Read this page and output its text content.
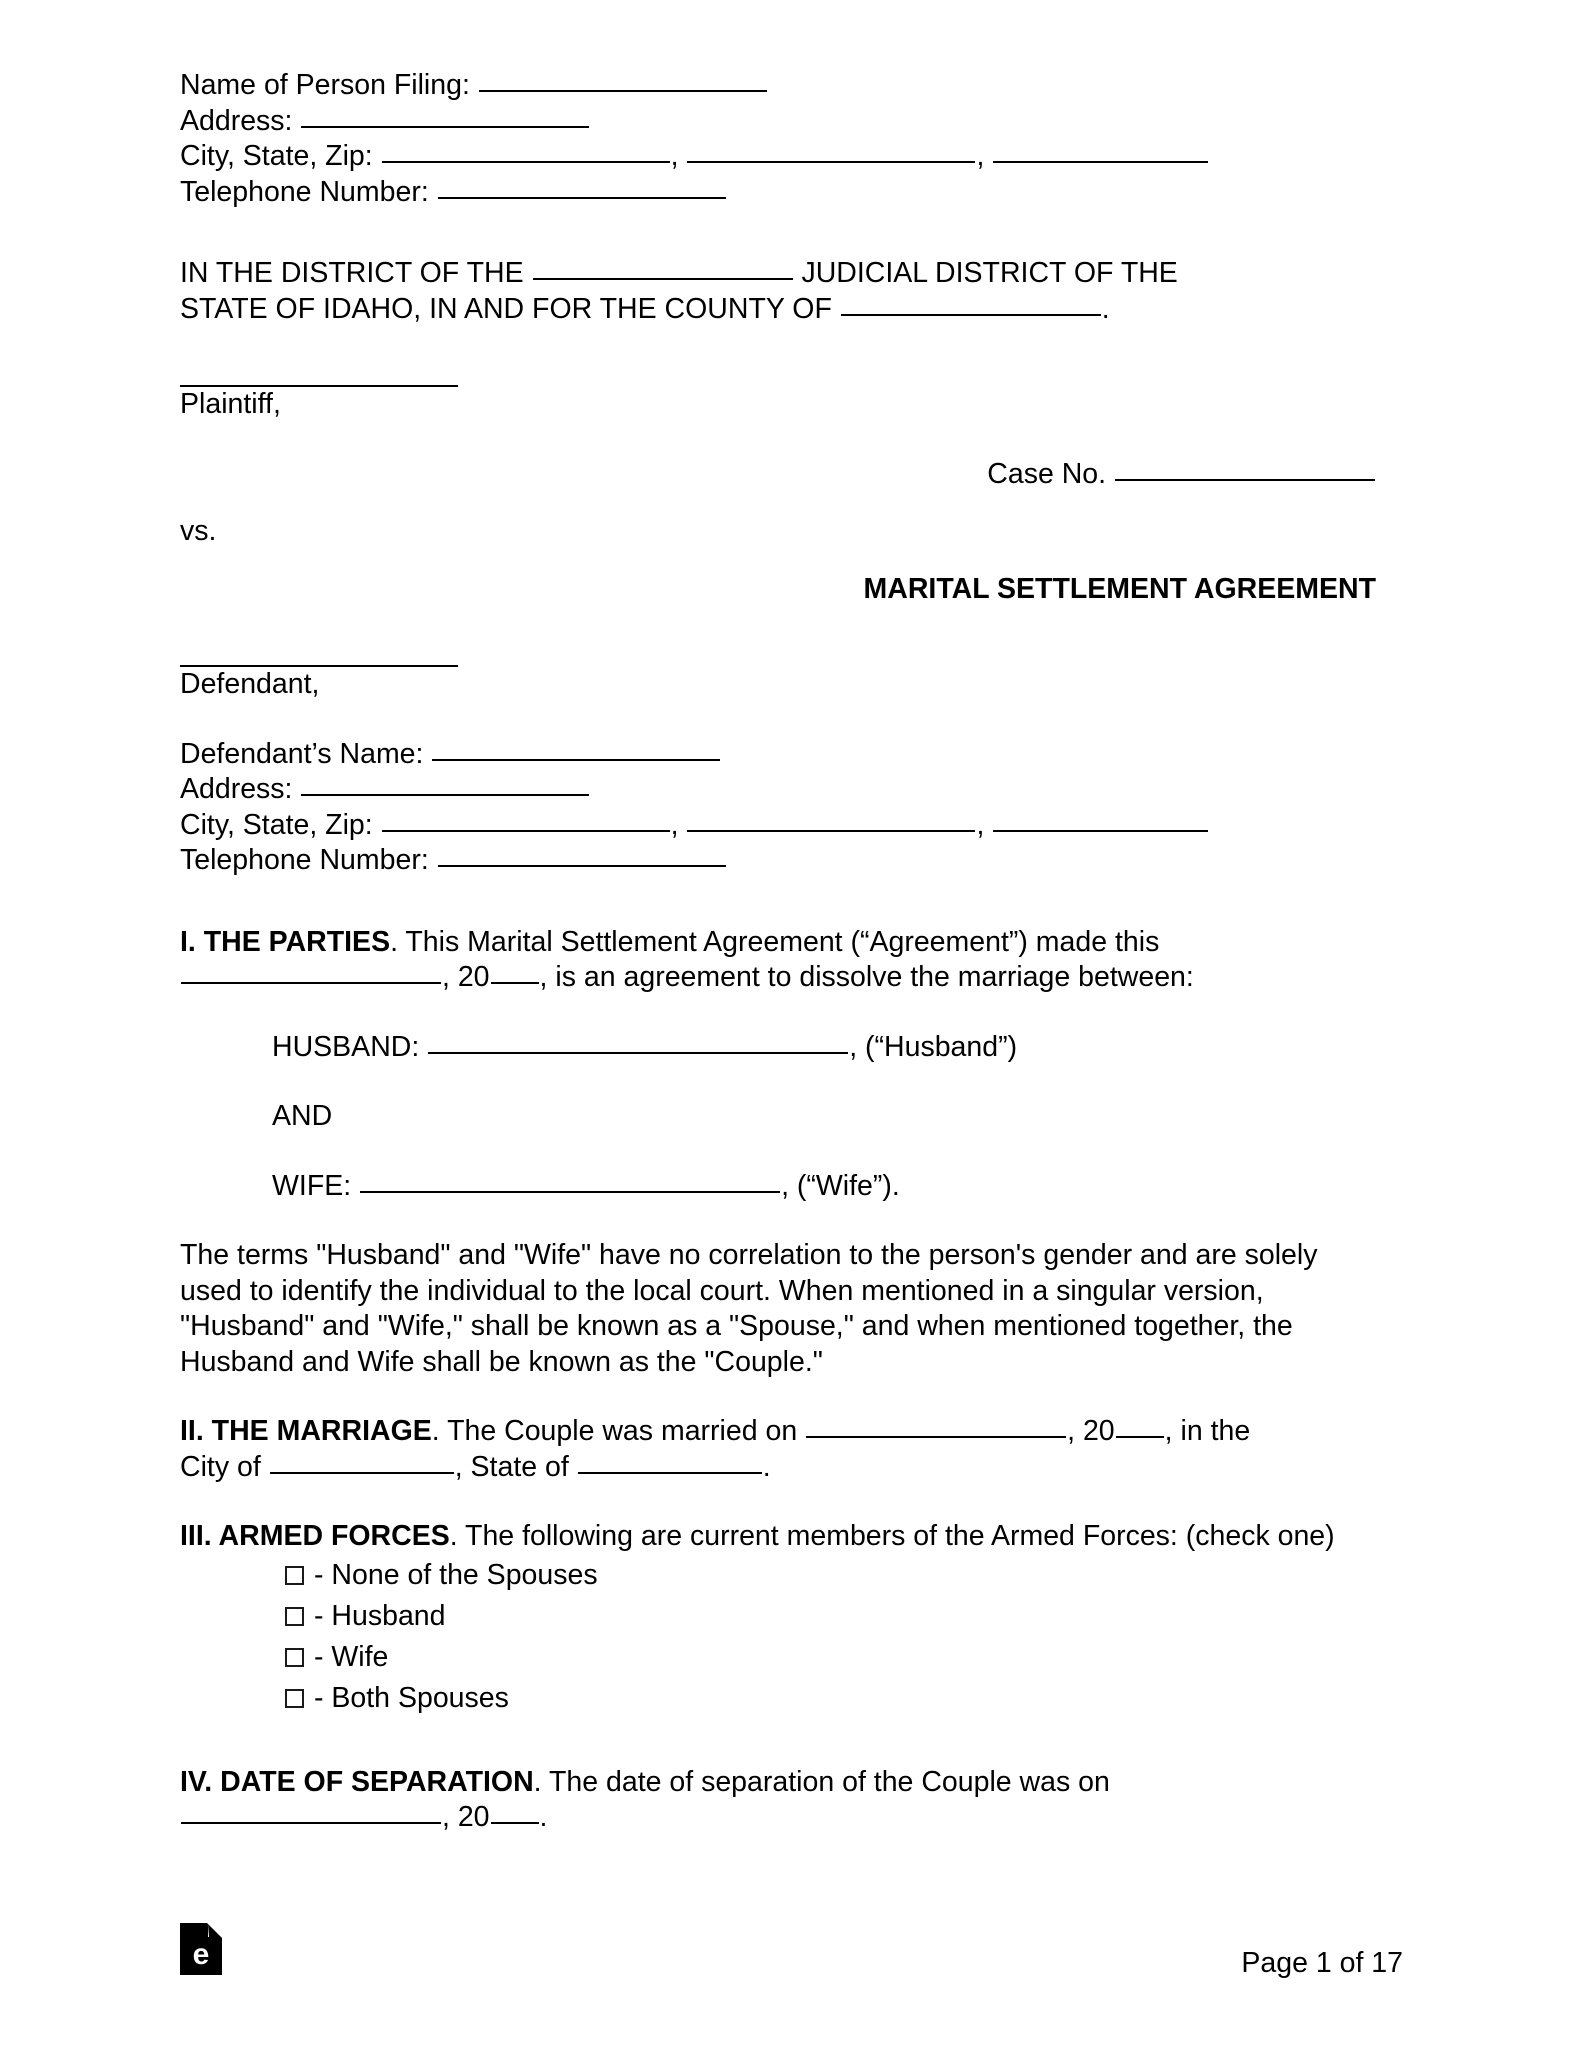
Name of Person Filing:
Address:
City, State, Zip:	,	,
Telephone Number:
IN THE DISTRICT OF THE	JUDICIAL DISTRICT OF THE
STATE OF IDAHO, IN AND FOR THE COUNTY OF	.
Plaintiff,
Case No.
vs.
MARITAL SETTLEMENT AGREEMENT
Defendant,
Defendant’s Name:
Address:
City, State, Zip:	,	,
Telephone Number:
I. THE PARTIES. This Marital Settlement Agreement (“Agreement”) made this
, 20 , is an agreement to dissolve the marriage between:
HUSBAND:	, (“Husband”)
AND
WIFE:	, (“Wife”).
The terms "Husband" and "Wife" have no correlation to the person's gender and are solely used to identify the individual to the local court. When mentioned in a singular version, "Husband" and "Wife," shall be known as a "Spouse," and when mentioned together, the Husband and Wife shall be known as the "Couple."
II. THE MARRIAGE. The Couple was married on	, 20 , in the
City of	, State of	.
III. ARMED FORCES. The following are current members of the Armed Forces: (check one)
- None of the Spouses
- Husband
- Wife
- Both Spouses
IV. DATE OF SEPARATION. The date of separation of the Couple was on
, 20 .
e	Page 1 of 17
